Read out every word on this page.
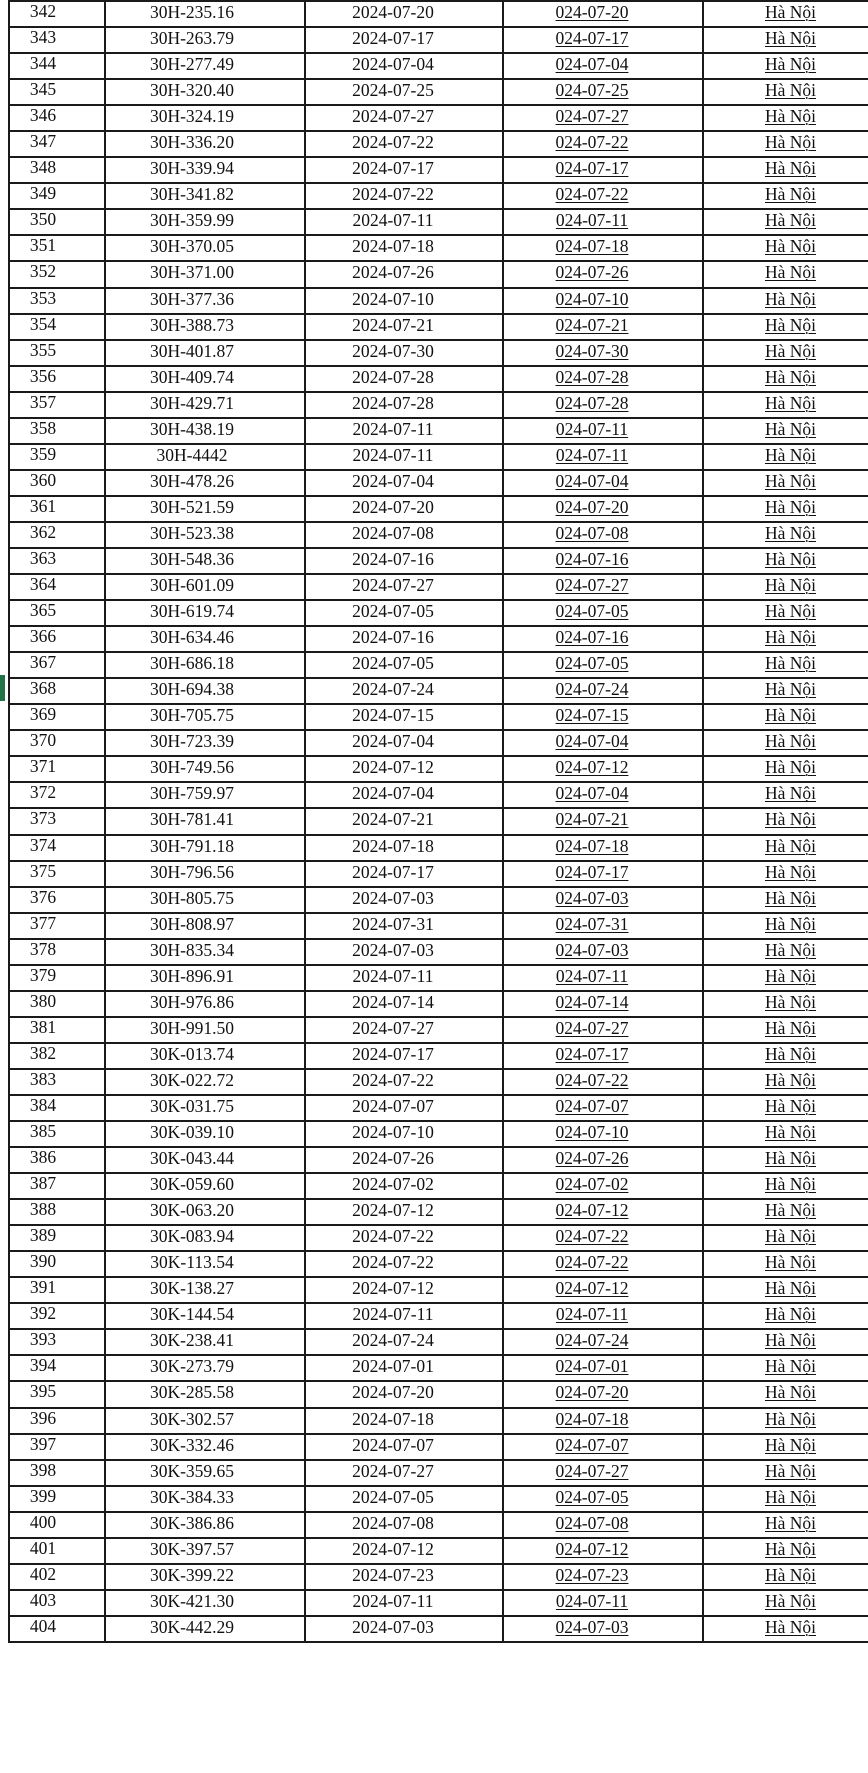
342	30H-235.16	2024-07-20	024-07-20	Hà Nội
343	30H-263.79	2024-07-17	024-07-17	Hà Nội
344	30H-277.49	2024-07-04	024-07-04	Hà Nội
345	30H-320.40	2024-07-25	024-07-25	Hà Nội
346	30H-324.19	2024-07-27	024-07-27	Hà Nội
347	30H-336.20	2024-07-22	024-07-22	Hà Nội
348	30H-339.94	2024-07-17	024-07-17	Hà Nội
349	30H-341.82	2024-07-22	024-07-22	Hà Nội
350	30H-359.99	2024-07-11	024-07-11	Hà Nội
351	30H-370.05	2024-07-18	024-07-18	Hà Nội
352	30H-371.00	2024-07-26	024-07-26	Hà Nội
353	30H-377.36	2024-07-10	024-07-10	Hà Nội
354	30H-388.73	2024-07-21	024-07-21	Hà Nội
355	30H-401.87	2024-07-30	024-07-30	Hà Nội
356	30H-409.74	2024-07-28	024-07-28	Hà Nội
357	30H-429.71	2024-07-28	024-07-28	Hà Nội
358	30H-438.19	2024-07-11	024-07-11	Hà Nội
359	30H-4442	2024-07-11	024-07-11	Hà Nội
360	30H-478.26	2024-07-04	024-07-04	Hà Nội
361	30H-521.59	2024-07-20	024-07-20	Hà Nội
362	30H-523.38	2024-07-08	024-07-08	Hà Nội
363	30H-548.36	2024-07-16	024-07-16	Hà Nội
364	30H-601.09	2024-07-27	024-07-27	Hà Nội
365	30H-619.74	2024-07-05	024-07-05	Hà Nội
366	30H-634.46	2024-07-16	024-07-16	Hà Nội
367	30H-686.18	2024-07-05	024-07-05	Hà Nội
368	30H-694.38	2024-07-24	024-07-24	Hà Nội
369	30H-705.75	2024-07-15	024-07-15	Hà Nội
370	30H-723.39	2024-07-04	024-07-04	Hà Nội
371	30H-749.56	2024-07-12	024-07-12	Hà Nội
372	30H-759.97	2024-07-04	024-07-04	Hà Nội
373	30H-781.41	2024-07-21	024-07-21	Hà Nội
374	30H-791.18	2024-07-18	024-07-18	Hà Nội
375	30H-796.56	2024-07-17	024-07-17	Hà Nội
376	30H-805.75	2024-07-03	024-07-03	Hà Nội
377	30H-808.97	2024-07-31	024-07-31	Hà Nội
378	30H-835.34	2024-07-03	024-07-03	Hà Nội
379	30H-896.91	2024-07-11	024-07-11	Hà Nội
380	30H-976.86	2024-07-14	024-07-14	Hà Nội
381	30H-991.50	2024-07-27	024-07-27	Hà Nội
382	30K-013.74	2024-07-17	024-07-17	Hà Nội
383	30K-022.72	2024-07-22	024-07-22	Hà Nội
384	30K-031.75	2024-07-07	024-07-07	Hà Nội
385	30K-039.10	2024-07-10	024-07-10	Hà Nội
386	30K-043.44	2024-07-26	024-07-26	Hà Nội
387	30K-059.60	2024-07-02	024-07-02	Hà Nội
388	30K-063.20	2024-07-12	024-07-12	Hà Nội
389	30K-083.94	2024-07-22	024-07-22	Hà Nội
390	30K-113.54	2024-07-22	024-07-22	Hà Nội
391	30K-138.27	2024-07-12	024-07-12	Hà Nội
392	30K-144.54	2024-07-11	024-07-11	Hà Nội
393	30K-238.41	2024-07-24	024-07-24	Hà Nội
394	30K-273.79	2024-07-01	024-07-01	Hà Nội
395	30K-285.58	2024-07-20	024-07-20	Hà Nội
396	30K-302.57	2024-07-18	024-07-18	Hà Nội
397	30K-332.46	2024-07-07	024-07-07	Hà Nội
398	30K-359.65	2024-07-27	024-07-27	Hà Nội
399	30K-384.33	2024-07-05	024-07-05	Hà Nội
400	30K-386.86	2024-07-08	024-07-08	Hà Nội
401	30K-397.57	2024-07-12	024-07-12	Hà Nội
402	30K-399.22	2024-07-23	024-07-23	Hà Nội
403	30K-421.30	2024-07-11	024-07-11	Hà Nội
404	30K-442.29	2024-07-03	024-07-03	Hà Nội
